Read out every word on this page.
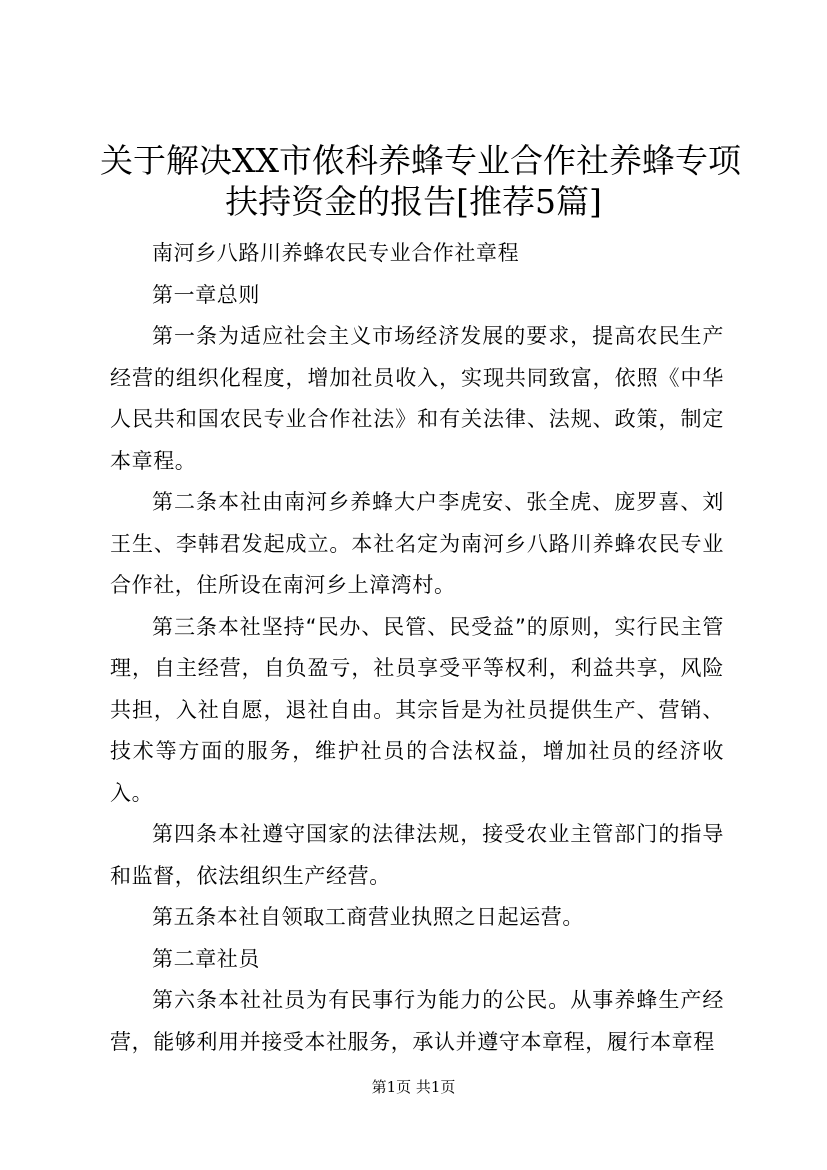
关于解决XX市侬科养蜂专业合作社养蜂专项
扶持资金的报告[推荐5篇]

南河乡八路川养蜂农民专业合作社章程

第一章总则

第一条为适应社会主义市场经济发展的要求，提高农民生产经营的组织化程度，增加社员收入，实现共同致富，依照《中华人民共和国农民专业合作社法》和有关法律、法规、政策，制定本章程。

第二条本社由南河乡养蜂大户李虎安、张全虎、庞罗喜、刘王生、李韩君发起成立。本社名定为南河乡八路川养蜂农民专业合作社，住所设在南河乡上漳湾村。

第三条本社坚持“民办、民管、民受益”的原则，实行民主管理，自主经营，自负盈亏，社员享受平等权利，利益共享，风险共担，入社自愿，退社自由。其宗旨是为社员提供生产、营销、技术等方面的服务，维护社员的合法权益，增加社员的经济收入。

第四条本社遵守国家的法律法规，接受农业主管部门的指导和监督，依法组织生产经营。

第五条本社自领取工商营业执照之日起运营。

第二章社员

第六条本社社员为有民事行为能力的公民。从事养蜂生产经营，能够利用并接受本社服务，承认并遵守本章程，履行本章程

第1页 共1页
